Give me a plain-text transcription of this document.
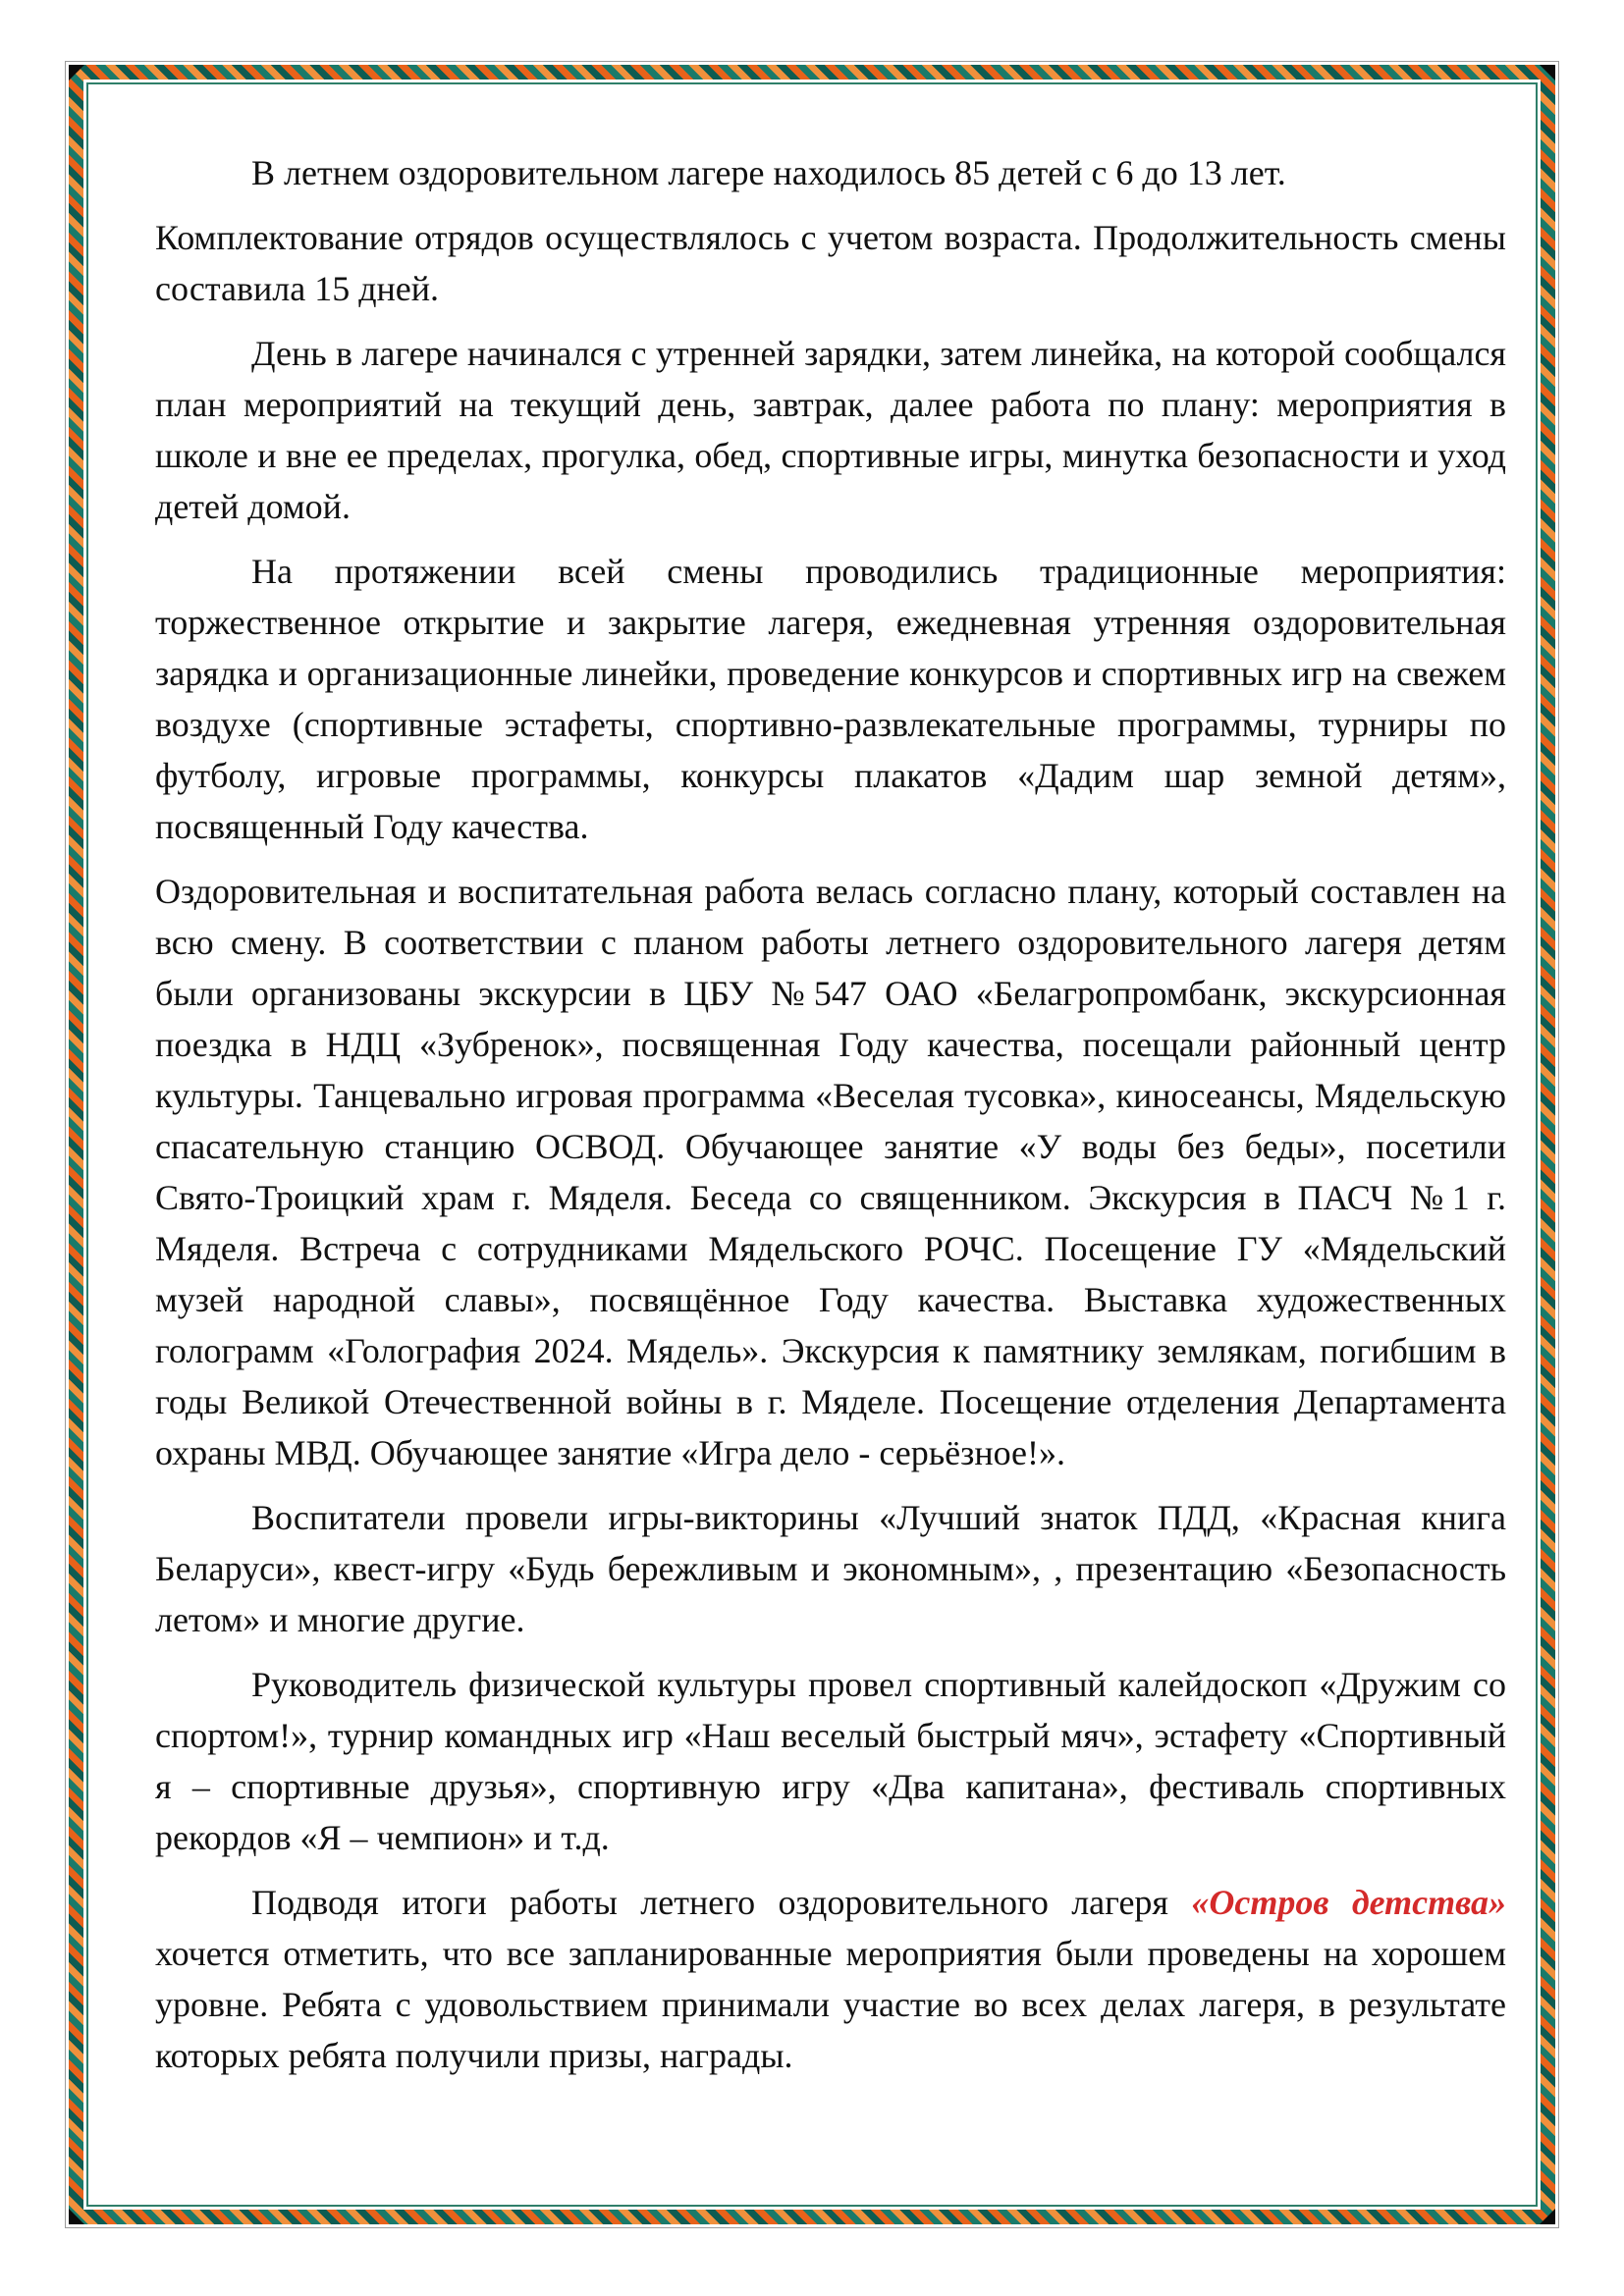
В летнем оздоровительном лагере находилось 85 детей с 6 до 13 лет.

Комплектование отрядов осуществлялось с учетом возраста. Продолжительность смены составила 15 дней.

День в лагере начинался с утренней зарядки, затем линейка, на которой сообщался план мероприятий на текущий день, завтрак, далее работа по плану: мероприятия в школе и вне ее пределах, прогулка, обед, спортивные игры, минутка безопасности и уход детей домой.

На протяжении всей смены проводились традиционные мероприятия: торжественное открытие и закрытие лагеря, ежедневная утренняя оздоровительная зарядка и организационные линейки, проведение конкурсов и спортивных игр на свежем воздухе (спортивные эстафеты, спортивно-развлекательные программы, турниры по футболу, игровые программы, конкурсы плакатов «Дадим шар земной детям», посвященный Году качества.

Оздоровительная и воспитательная работа велась согласно плану, который составлен на всю смену. В соответствии с планом работы летнего оздоровительного лагеря детям были организованы экскурсии в ЦБУ №547 ОАО «Белагропромбанк, экскурсионная поездка в НДЦ «Зубренок», посвященная Году качества, посещали районный центр культуры. Танцевально игровая программа «Веселая тусовка», киносеансы, Мядельскую спасательную станцию ОСВОД. Обучающее занятие «У воды без беды», посетили Свято-Троицкий храм г. Мяделя. Беседа со священником. Экскурсия в ПАСЧ №1 г. Мяделя. Встреча с сотрудниками Мядельского РОЧС. Посещение ГУ «Мядельский музей народной славы», посвящённое Году качества. Выставка художественных голограмм «Голография 2024. Мядель». Экскурсия к памятнику землякам, погибшим в годы Великой Отечественной войны в г. Мяделе. Посещение отделения Департамента охраны МВД. Обучающее занятие «Игра дело - серьёзное!».

Воспитатели провели игры-викторины «Лучший знаток ПДД, «Красная книга Беларуси», квест-игру «Будь бережливым и экономным», , презентацию «Безопасность летом» и многие другие.

Руководитель физической культуры провел спортивный калейдоскоп «Дружим со спортом!», турнир командных игр «Наш веселый быстрый мяч», эстафету «Спортивный я – спортивные друзья», спортивную игру «Два капитана», фестиваль спортивных рекордов «Я – чемпион» и т.д.

Подводя итоги работы летнего оздоровительного лагеря «Остров детства» хочется отметить, что все запланированные мероприятия были проведены на хорошем уровне. Ребята с удовольствием принимали участие во всех делах лагеря, в результате которых ребята получили призы, награды.
